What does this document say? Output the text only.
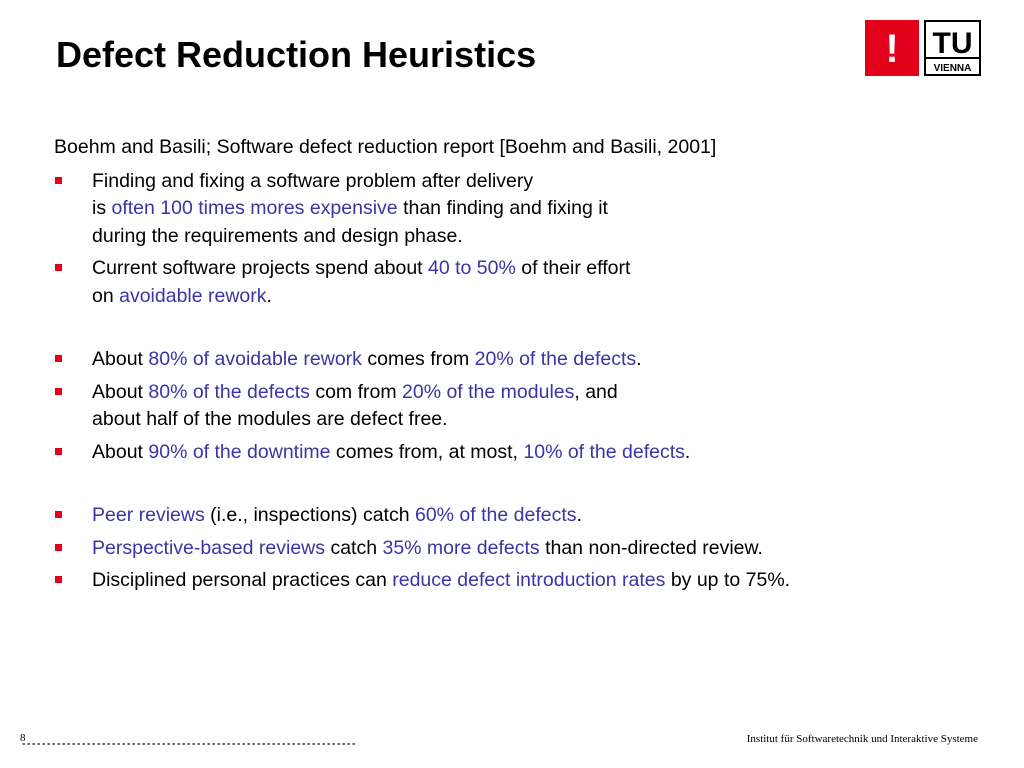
Defect Reduction Heuristics	! TU
VIENNA

Boehm and Basili; Software defect reduction report [Boehm and Basili, 2001]

Finding and fixing a software problem after delivery
is often 100 times mores expensive than finding and fixing it
during the requirements and design phase.
Current software projects spend about 40 to 50% of their effort
on avoidable rework.
About 80% of avoidable rework comes from 20% of the defects.
About 80% of the defects com from 20% of the modules, and
about half of the modules are defect free.
About 90% of the downtime comes from, at most, 10% of the defects.
Peer reviews (i.e., inspections) catch 60% of the defects.
Perspective-based reviews catch 35% more defects than non-directed review.
Disciplined personal practices can reduce defect introduction rates by up to 75%.
8	Institut für Softwaretechnik und Interaktive Systeme
